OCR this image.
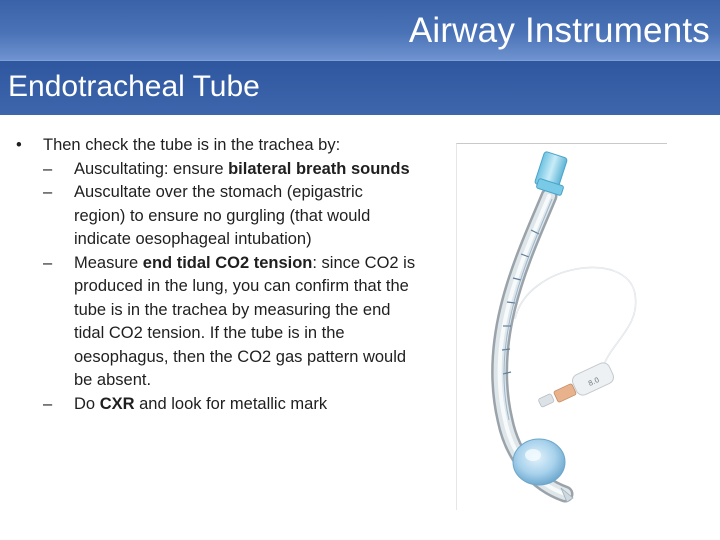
Airway Instruments
Endotracheal Tube
• Then check the tube is in the trachea by:
– Auscultating: ensure bilateral breath sounds
– Auscultate over the stomach (epigastric region) to ensure no gurgling (that would indicate oesophageal intubation)
– Measure end tidal CO2 tension: since CO2 is produced in the lung, you can confirm that the tube is in the trachea by measuring the end tidal CO2 tension. If the tube is in the oesophagus, then the CO2 gas pattern would be absent.
– Do CXR and look for metallic mark
8.0
